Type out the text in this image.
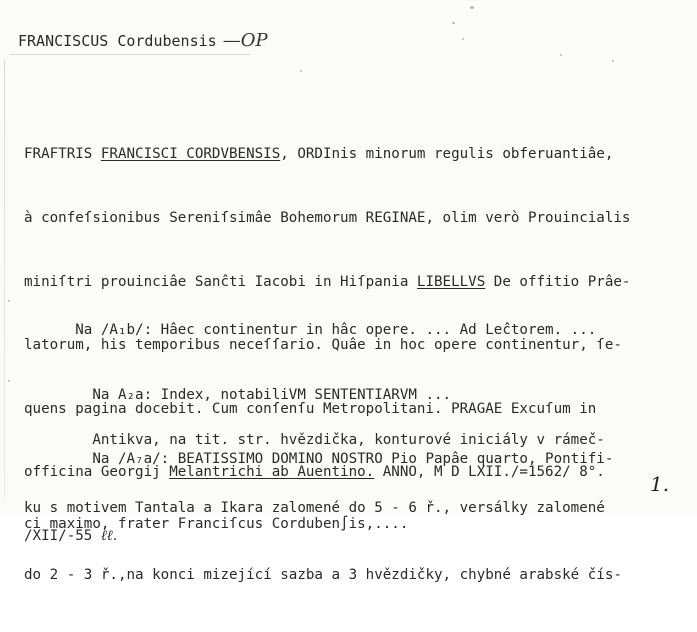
FRANCISCUS Cordubensis —OP

FRAFTRIS FRANCISCI CORDVBENSIS, ORDInis minorum regulis obferuantiâe,

à confeſsionibus Sereniſsimâe Bohemorum REGINAE, olim verò Prouincialis

miniſtri prouinciâe Sanĉti Iacobi in Hiſpania LIBELLVS De offitio Prâe-

latorum, his temporibus neceſſario. Quâe in hoc opere continentur, ſe-

quens pagina docebit. Cum conſenſu Metropolitani. PRAGAE Excuſum in

officina Georgij Melantrichi ab Auentino. ANNO, M D LXII./=1562/ 8°.

/XII/-55 ℓℓ.

Na /A₁b/: Hâec continentur in hâc opere. ... Ad Leĉtorem. ...

Na A₂a: Index, notabiliVM SENTENTIARVM ...

Na /A₇a/: BEATISSIMO DOMINO NOSTRO Pio Papâe quarto, Pontifi-

ci maximo, frater Franciſcus Corduben∫is,....

Antikva, na tit. str. hvězdička, konturové iniciály v rámeč-

ku s motivem Tantala a Ikara zalomené do 5 - 6 ř., versálky zalomené

do 2 - 3 ř.,na konci mizející sazba a 3 hvězdičky, chybné arabské čís-

1.
